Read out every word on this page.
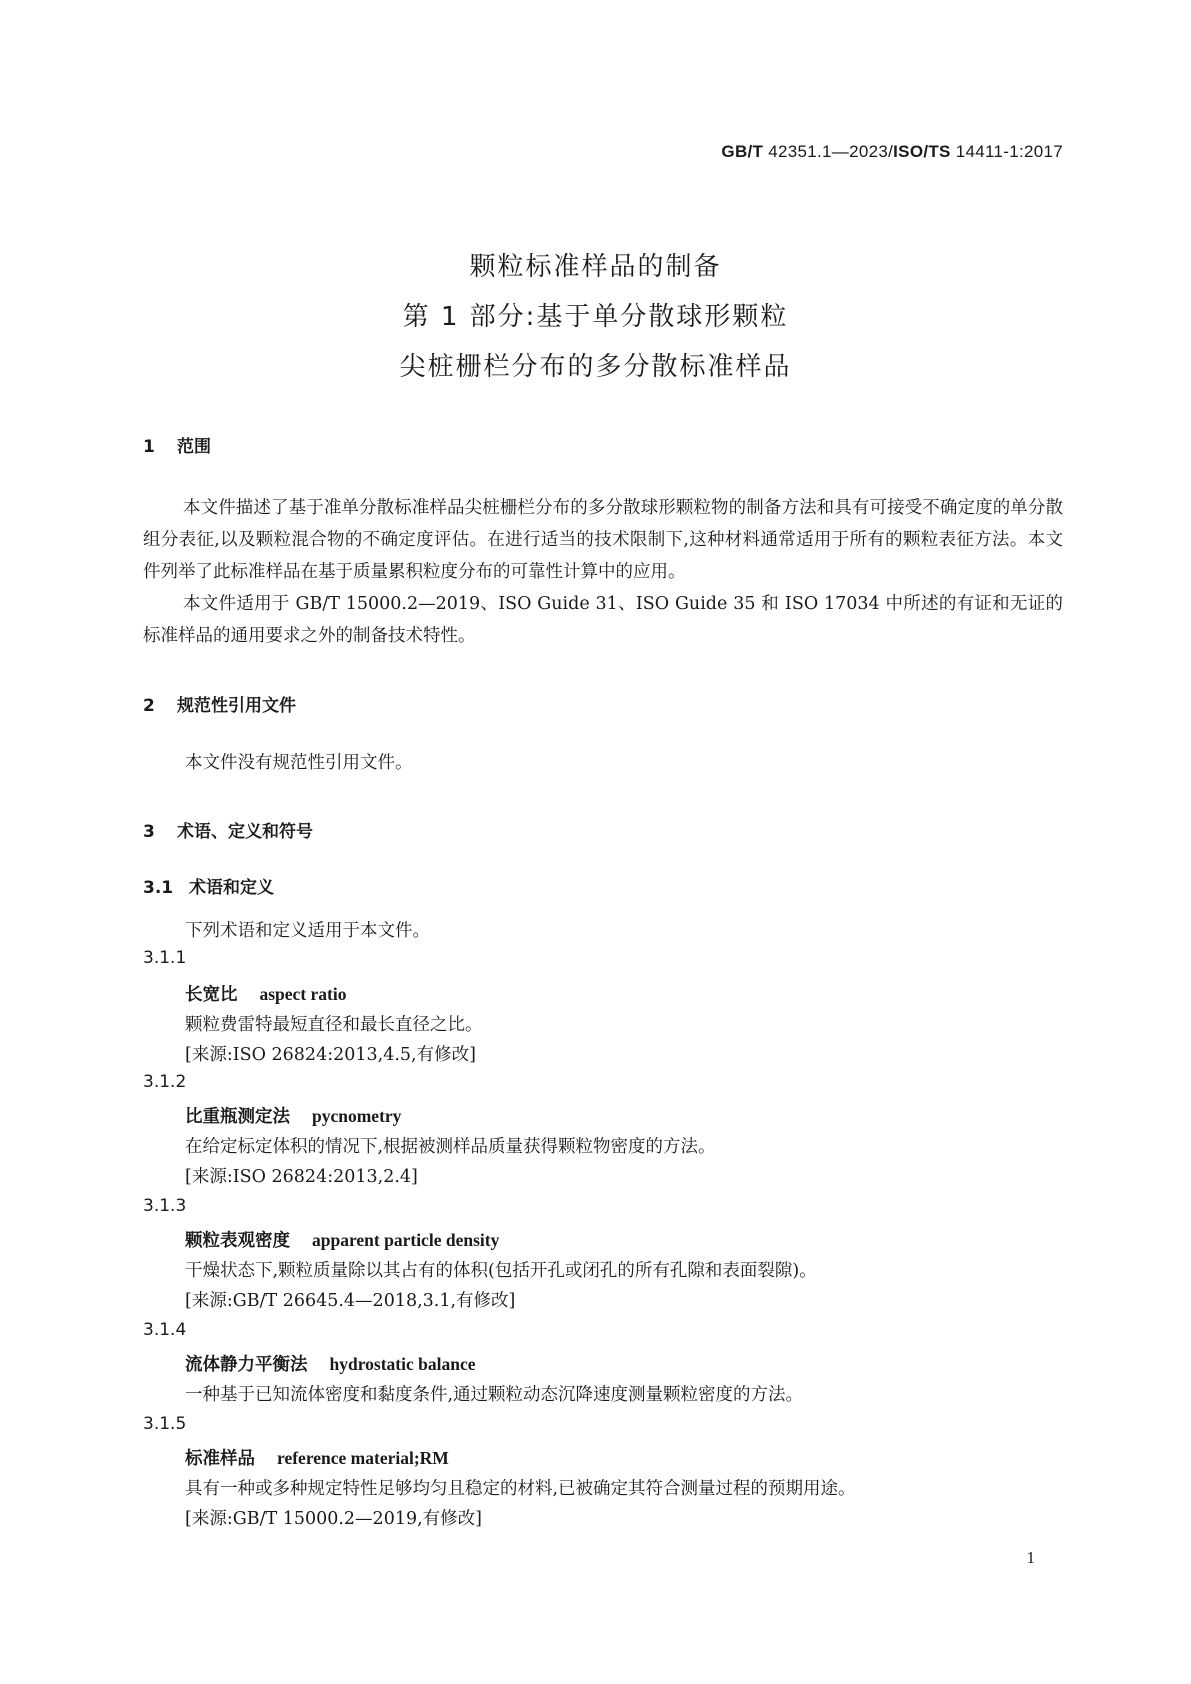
GB/T 42351.1—2023/ISO/TS 14411-1:2017
颗粒标准样品的制备
第 1 部分:基于单分散球形颗粒
尖桩栅栏分布的多分散标准样品
1 范围
本文件描述了基于准单分散标准样品尖桩栅栏分布的多分散球形颗粒物的制备方法和具有可接受不确定度的单分散组分表征,以及颗粒混合物的不确定度评估。在进行适当的技术限制下,这种材料通常适用于所有的颗粒表征方法。本文件列举了此标准样品在基于质量累积粒度分布的可靠性计算中的应用。
本文件适用于 GB/T 15000.2—2019、ISO Guide 31、ISO Guide 35 和 ISO 17034 中所述的有证和无证的标准样品的通用要求之外的制备技术特性。
2 规范性引用文件
本文件没有规范性引用文件。
3 术语、定义和符号
3.1 术语和定义
下列术语和定义适用于本文件。
3.1.1
长宽比 aspect ratio
颗粒费雷特最短直径和最长直径之比。
[来源:ISO 26824:2013,4.5,有修改]
3.1.2
比重瓶测定法 pycnometry
在给定标定体积的情况下,根据被测样品质量获得颗粒物密度的方法。
[来源:ISO 26824:2013,2.4]
3.1.3
颗粒表观密度 apparent particle density
干燥状态下,颗粒质量除以其占有的体积(包括开孔或闭孔的所有孔隙和表面裂隙)。
[来源:GB/T 26645.4—2018,3.1,有修改]
3.1.4
流体静力平衡法 hydrostatic balance
一种基于已知流体密度和黏度条件,通过颗粒动态沉降速度测量颗粒密度的方法。
3.1.5
标准样品 reference material;RM
具有一种或多种规定特性足够均匀且稳定的材料,已被确定其符合测量过程的预期用途。
[来源:GB/T 15000.2—2019,有修改]
1
